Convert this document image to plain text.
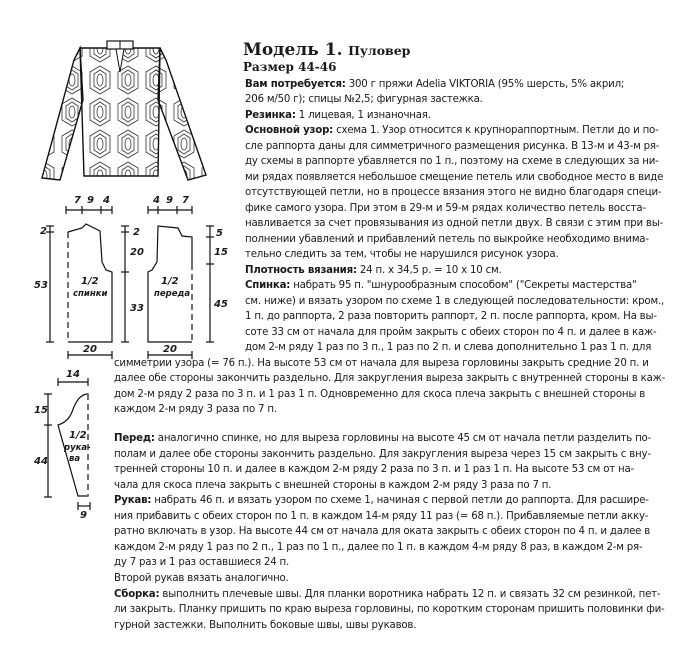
7 9 4
2
53
2
20
33
20
1/2
спинки
4 9 7
5
15
45
20
1/2
переда
14
15
44
9
1/2
рука-
ва
Модель 1. Пуловер
Размер 44-46
Вам потребуется: 300 г пряжи Adelia VIKTORIA (95% шерсть, 5% акрил;
206 м/50 г); спицы №2,5; фигурная застежка.
Резинка: 1 лицевая, 1 изнаночная.
Основной узор: схема 1. Узор относится к крупнораппортным. Петли до и по-
сле раппорта даны для симметричного размещения рисунка. В 13-м и 43-м ря-
ду схемы в раппорте убавляется по 1 п., поэтому на схеме в следующих за ни-
ми рядах появляется небольшое смещение петель или свободное место в виде
отсутствующей петли, но в процессе вязания этого не видно благодаря специ-
фике самого узора. При этом в 29-м и 59-м рядах количество петель восста-
навливается за счет провязывания из одной петли двух. В связи с этим при вы-
полнении убавлений и прибавлений петель по выкройке необходимо внима-
тельно следить за тем, чтобы не нарушился рисунок узора.
Плотность вязания: 24 п. x 34,5 р. = 10 x 10 см.
Спинка: набрать 95 п. "шнурообразным способом" ("Секреты мастерства"
см. ниже) и вязать узором по схеме 1 в следующей последовательности: кром.,
1 п. до раппорта, 2 раза повторить раппорт, 2 п. после раппорта, кром. На вы-
соте 33 см от начала для пройм закрыть с обеих сторон по 4 п. и далее в каж-
дом 2-м ряду 1 раз по 3 п., 1 раз по 2 п. и слева дополнительно 1 раз 1 п. для
симметрии узора (= 76 п.). На высоте 53 см от начала для выреза горловины закрыть средние 20 п. и
далее обе стороны закончить раздельно. Для закругления выреза закрыть с внутренней стороны в каж-
дом 2-м ряду 2 раза по 3 п. и 1 раз 1 п. Одновременно для скоса плеча закрыть с внешней стороны в
каждом 2-м ряду 3 раза по 7 п.
Перед: аналогично спинке, но для выреза горловины на высоте 45 см от начала петли разделить по-
полам и далее обе стороны закончить раздельно. Для закругления выреза через 15 см закрыть с вну-
тренней стороны 10 п. и далее в каждом 2-м ряду 2 раза по 3 п. и 1 раз 1 п. На высоте 53 см от на-
чала для скоса плеча закрыть с внешней стороны в каждом 2-м ряду 3 раза по 7 п.
Рукав: набрать 46 п. и вязать узором по схеме 1, начиная с первой петли до раппорта. Для расшире-
ния прибавить с обеих сторон по 1 п. в каждом 14-м ряду 11 раз (= 68 п.). Прибавляемые петли акку-
ратно включать в узор. На высоте 44 см от начала для оката закрыть с обеих сторон по 4 п. и далее в
каждом 2-м ряду 1 раз по 2 п., 1 раз по 1 п., далее по 1 п. в каждом 4-м ряду 8 раз, в каждом 2-м ря-
ду 7 раз и 1 раз оставшиеся 24 п.
Второй рукав вязать аналогично.
Сборка: выполнить плечевые швы. Для планки воротника набрать 12 п. и связать 32 см резинкой, пет-
ли закрыть. Планку пришить по краю выреза горловины, по коротким сторонам пришить половинки фи-
гурной застежки. Выполнить боковые швы, швы рукавов.
